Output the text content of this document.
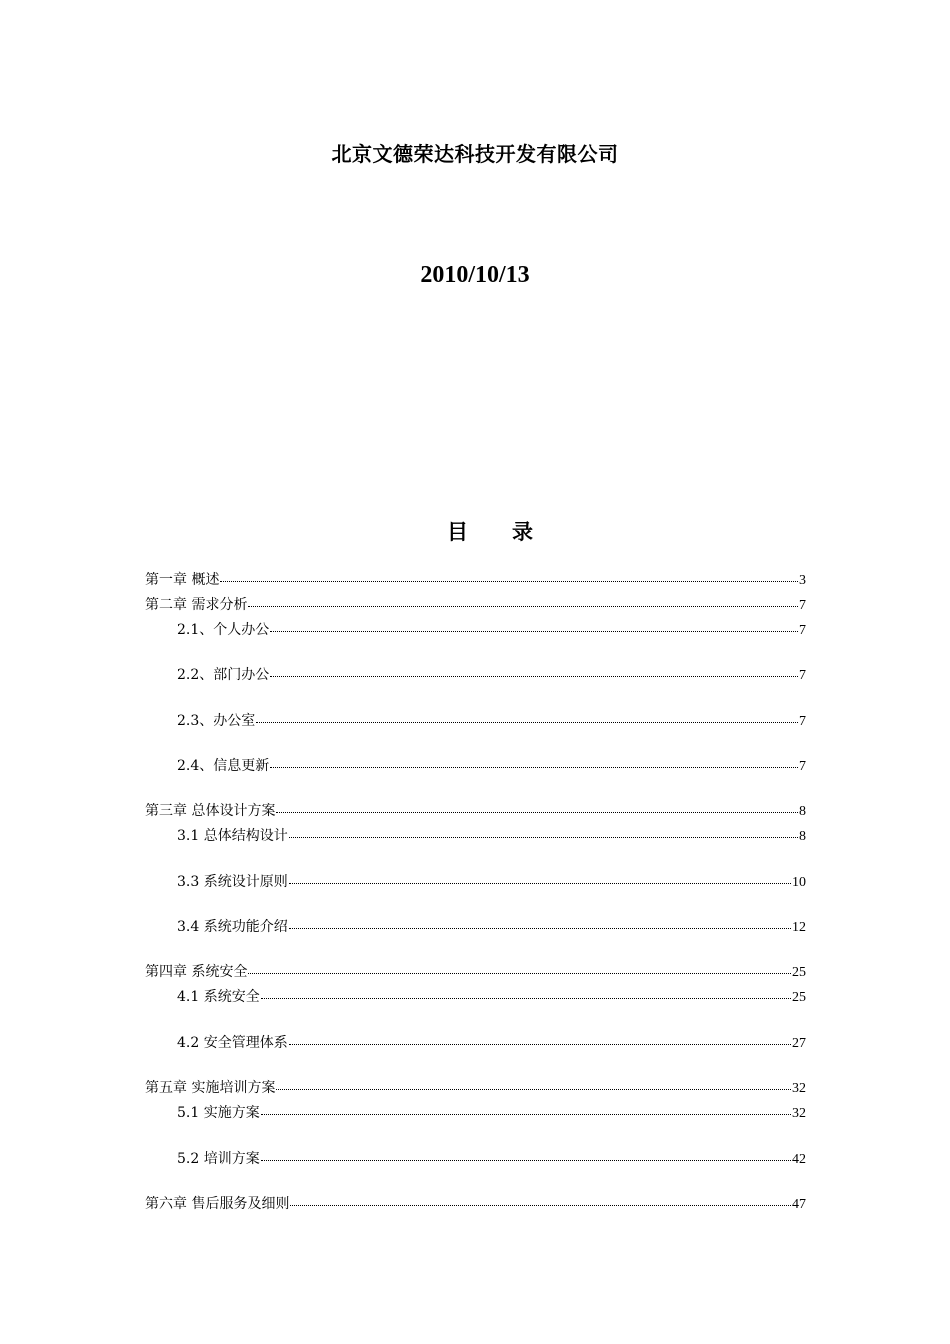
北京文德荣达科技开发有限公司
2010/10/13
目 录
第一章 概述	3
第二章 需求分析	7
2.1、个人办公	7
2.2、部门办公	7
2.3、办公室	7
2.4、信息更新	7
第三章 总体设计方案	8
3.1 总体结构设计	8
3.3 系统设计原则	10
3.4 系统功能介绍	12
第四章 系统安全	25
4.1 系统安全	25
4.2 安全管理体系	27
第五章 实施培训方案	32
5.1 实施方案	32
5.2 培训方案	42
第六章 售后服务及细则	47
